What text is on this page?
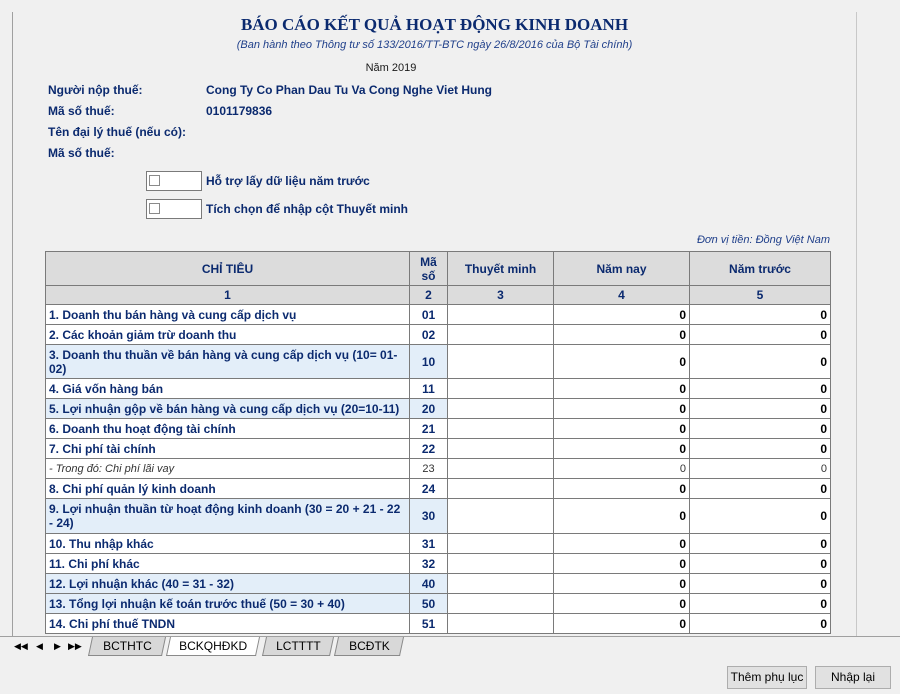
BÁO CÁO KẾT QUẢ HOẠT ĐỘNG KINH DOANH
(Ban hành theo Thông tư số 133/2016/TT-BTC ngày 26/8/2016 của Bộ Tài chính)
Năm 2019
Người nộp thuế:	Cong Ty Co Phan Dau Tu Va Cong Nghe Viet Hung
Mã số thuế:	0101179836
Tên đại lý thuế (nếu có):
Mã số thuế:
Hỗ trợ lấy dữ liệu năm trước
Tích chọn để nhập cột Thuyết minh
Đơn vị tiền: Đồng Việt Nam
CHỈ TIÊU	Mã số	Thuyết minh	Năm nay	Năm trước
1	2	3	4	5
1. Doanh thu bán hàng và cung cấp dịch vụ	01		0	0
2. Các khoản giảm trừ doanh thu	02		0	0
3. Doanh thu thuần về bán hàng và cung cấp dịch vụ (10= 01-02)	10		0	0
4. Giá vốn hàng bán	11		0	0
5. Lợi nhuận gộp về bán hàng và cung cấp dịch vụ (20=10-11)	20		0	0
6. Doanh thu hoạt động tài chính	21		0	0
7. Chi phí tài chính	22		0	0
- Trong đó: Chi phí lãi vay	23		0	0
8. Chi phí quản lý kinh doanh	24		0	0
9. Lợi nhuận thuần từ hoạt động kinh doanh (30 = 20 + 21 - 22 - 24)	30		0	0
10. Thu nhập khác	31		0	0
11. Chi phí khác	32		0	0
12. Lợi nhuận khác (40 = 31 - 32)	40		0	0
13. Tổng lợi nhuận kế toán trước thuế (50 = 30 + 40)	50		0	0
14. Chi phí thuế TNDN	51		0	0
◀◀ ◀	▶ ▶▶	BCTHTC	BCKQHĐKD	LCTTTT	BCĐTK
Thêm phụ lục	Nhập lại
